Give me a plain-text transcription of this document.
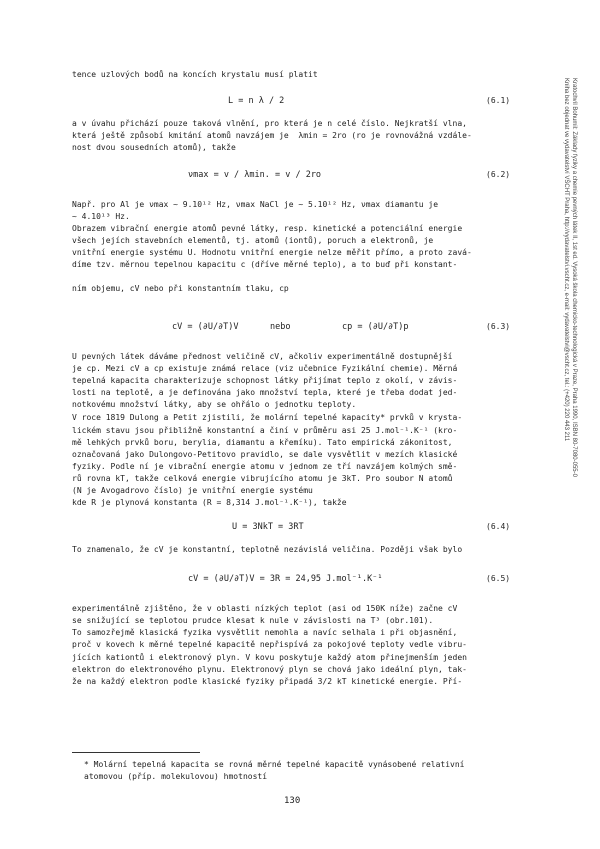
Kratochvíl Bohumil: Základy fyziky a chemie pevných látek II, 1st ed. Vysoká škola chemicko-technologická v Praze, Praha 1990, ISBN 80-7080-055-0
Kniha bez objednat ve vydavatelství VŠCHT Praha, http://vydavatelstvi.vscht.cz, e-mail: vydavatelstvi@vscht.cz, tel.: (+420) 220 443 211
tence uzlových bodů na koncích krystalu musí platit
L = n λ / 2	(6.1)
a v úvahu přichází pouze taková vlnění, pro která je n celé číslo. Nejkratší vlna,
která ještě způsobí kmitání atomů navzájem je  λmin = 2ro (ro je rovnovážná vzdále-
nost dvou sousedních atomů), takže
νmax = v / λmin. = v / 2ro	(6.2)
Např. pro Al je νmax ~ 9.10¹² Hz, νmax NaCl je ~ 5.10¹² Hz, νmax diamantu je
~ 4.10¹³ Hz.
Obrazem vibrační energie atomů pevné látky, resp. kinetické a potenciální energie
všech jejích stavebních elementů, tj. atomů (iontů), poruch a elektronů, je
vnitřní energie systému U. Hodnotu vnitřní energie nelze měřit přímo, a proto zavá-
díme tzv. měrnou tepelnou kapacitu c (dříve měrné teplo), a to buď při konstant-
ním objemu, cV nebo při konstantním tlaku, cp
cV = (∂U/∂T)V	nebo	cp = (∂U/∂T)p	(6.3)
U pevných látek dáváme přednost veličině cV, ačkoliv experimentálně dostupnější
je cp. Mezi cV a cp existuje známá relace (viz učebnice Fyzikální chemie). Měrná
tepelná kapacita charakterizuje schopnost látky přijímat teplo z okolí, v závis-
losti na teplotě, a je definována jako množství tepla, které je třeba dodat jed-
notkovému množství látky, aby se ohřálo o jednotku teploty.
V roce 1819 Dulong a Petit zjistili, že molární tepelné kapacity* prvků v krysta-
lickém stavu jsou přibližně konstantní a činí v průměru asi 25 J.mol⁻¹.K⁻¹ (kro-
mě lehkých prvků boru, berylia, diamantu a křemíku). Tato empirická zákonitost,
označovaná jako Dulongovo-Petitovo pravidlo, se dale vysvětlit v mezích klasické
fyziky. Podle ní je vibrační energie atomu v jednom ze tří navzájem kolmých smě-
rů rovna kT, takže celková energie vibrujícího atomu je 3kT. Pro soubor N atomů
(N je Avogadrovo číslo) je vnitřní energie systému
kde R je plynová konstanta (R = 8,314 J.mol⁻¹.K⁻¹), takže
U = 3NkT = 3RT	(6.4)
To znamenalo, že cV je konstantní, teplotně nezávislá veličina. Později však bylo
cV = (∂U/∂T)V = 3R = 24,95 J.mol⁻¹.K⁻¹	(6.5)
experimentálně zjištěno, že v oblasti nízkých teplot (asi od 150K níže) začne cV
se snižující se teplotou prudce klesat k nule v závislosti na T³ (obr.101).
To samozřejmě klasická fyzika vysvětlit nemohla a navíc selhala i při objasnění,
proč v kovech k měrné tepelné kapacitě nepřispívá za pokojové teploty vedle vibru-
jících kationtů i elektronový plyn. V kovu poskytuje každý atom přinejmenším jeden
elektron do elektronového plynu. Elektronový plyn se chová jako ideální plyn, tak-
že na každý elektron podle klasické fyziky připadá 3/2 kT kinetické energie. Pří-
* Molární tepelná kapacita se rovná měrné tepelné kapacitě vynásobené relativní
atomovou (příp. molekulovou) hmotností
130
